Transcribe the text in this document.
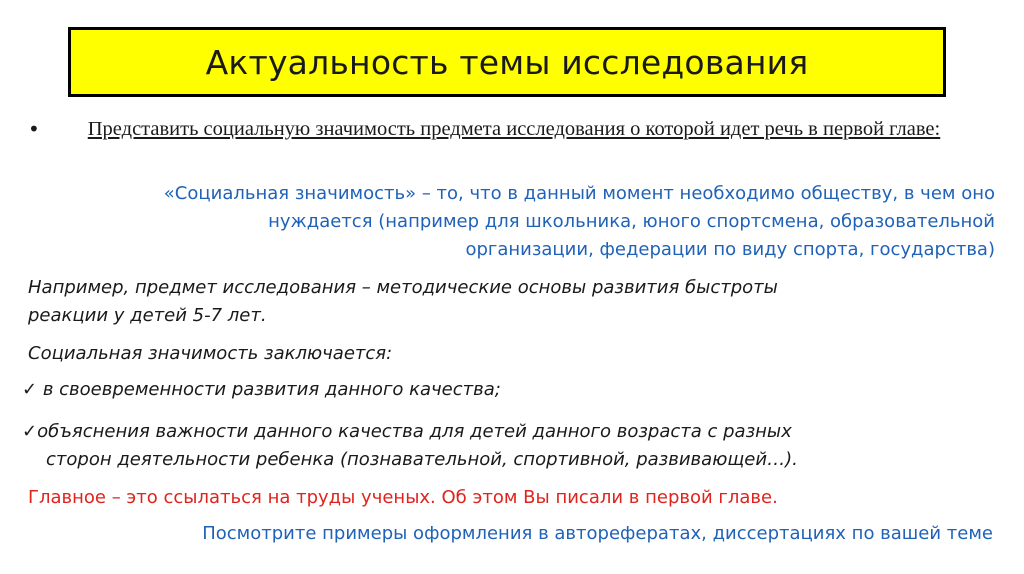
Актуальность темы исследования
• Представить социальную значимость предмета исследования о которой идет речь в первой главе:
«Социальная значимость» – то, что в данный момент необходимо обществу, в чем оно
нуждается (например для школьника, юного спортсмена, образовательной
организации, федерации по виду спорта, государства)
Например, предмет исследования – методические основы развития быстроты
реакции у детей 5-7 лет.
Социальная значимость заключается:
✓ в своевременности развития данного качества;
✓объяснения важности данного качества для детей данного возраста с разных
сторон деятельности ребенка (познавательной, спортивной, развивающей…).
Главное – это ссылаться на труды ученых. Об этом Вы писали в первой главе.
Посмотрите примеры оформления в авторефератах, диссертациях по вашей теме
